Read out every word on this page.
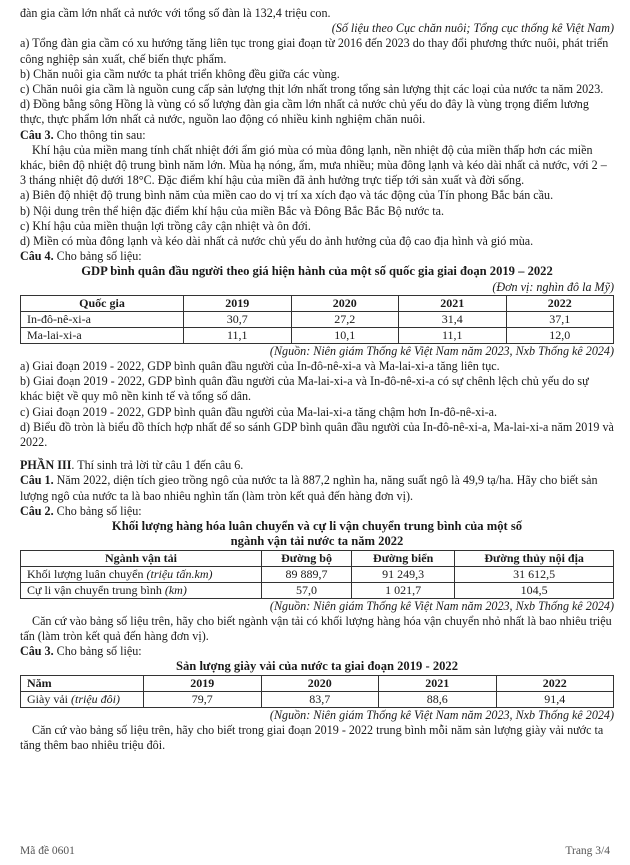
đàn gia cầm lớn nhất cả nước với tổng số đàn là 132,4 triệu con.

(Số liệu theo Cục chăn nuôi; Tổng cục thống kê Việt Nam)

a) Tổng đàn gia cầm có xu hướng tăng liên tục trong giai đoạn từ 2016 đến 2023 do thay đổi phương thức nuôi, phát triển công nghiệp sản xuất, chế biến thực phẩm.

b) Chăn nuôi gia cầm nước ta phát triển không đều giữa các vùng.

c) Chăn nuôi gia cầm là nguồn cung cấp sản lượng thịt lớn nhất trong tổng sản lượng thịt các loại của nước ta năm 2023.

d) Đồng bằng sông Hồng là vùng có số lượng đàn gia cầm lớn nhất cả nước chủ yếu do đây là vùng trọng điểm lương thực, thực phẩm lớn nhất cả nước, nguồn lao động có nhiều kinh nghiệm chăn nuôi.

Câu 3. Cho thông tin sau:

Khí hậu của miền mang tính chất nhiệt đới ẩm gió mùa có mùa đông lạnh, nền nhiệt độ của miền thấp hơn các miền khác, biên độ nhiệt độ trung bình năm lớn. Mùa hạ nóng, ẩm, mưa nhiều; mùa đông lạnh và kéo dài nhất cả nước, với 2 – 3 tháng nhiệt độ dưới 18°C. Đặc điểm khí hậu của miền đã ảnh hưởng trực tiếp tới sản xuất và đời sống.

a) Biên độ nhiệt độ trung bình năm của miền cao do vị trí xa xích đạo và tác động của Tín phong Bắc bán cầu.

b) Nội dung trên thể hiện đặc điểm khí hậu của miền Bắc và Đông Bắc Bắc Bộ nước ta.

c) Khí hậu của miền thuận lợi trồng cây cận nhiệt và ôn đới.

d) Miền có mùa đông lạnh và kéo dài nhất cả nước chủ yếu do ảnh hưởng của độ cao địa hình và gió mùa.

Câu 4. Cho bảng số liệu:

GDP bình quân đầu người theo giá hiện hành của một số quốc gia giai đoạn 2019 – 2022

(Đơn vị: nghìn đô la Mỹ)

Quốc gia	2019	2020	2021	2022
In-đô-nê-xi-a	30,7	27,2	31,4	37,1
Ma-lai-xi-a	11,1	10,1	11,1	12,0

(Nguồn: Niên giám Thống kê Việt Nam năm 2023, Nxb Thống kê 2024)

a) Giai đoạn 2019 - 2022, GDP bình quân đầu người của In-đô-nê-xi-a và Ma-lai-xi-a tăng liên tục.

b) Giai đoạn 2019 - 2022, GDP bình quân đầu người của Ma-lai-xi-a và In-đô-nê-xi-a có sự chênh lệch chủ yếu do sự khác biệt về quy mô nền kinh tế và tổng số dân.

c) Giai đoạn 2019 - 2022, GDP bình quân đầu người của Ma-lai-xi-a tăng chậm hơn In-đô-nê-xi-a.

d) Biểu đồ tròn là biểu đồ thích hợp nhất để so sánh GDP bình quân đầu người của In-đô-nê-xi-a, Ma-lai-xi-a năm 2019 và 2022.

PHẦN III. Thí sinh trả lời từ câu 1 đến câu 6.

Câu 1. Năm 2022, diện tích gieo trồng ngô của nước ta là 887,2 nghìn ha, năng suất ngô là 49,9 tạ/ha. Hãy cho biết sản lượng ngô của nước ta là bao nhiêu nghìn tấn (làm tròn kết quả đến hàng đơn vị).

Câu 2. Cho bảng số liệu:

Khối lượng hàng hóa luân chuyển và cự li vận chuyển trung bình của một số

ngành vận tải nước ta năm 2022

Ngành vận tải	Đường bộ	Đường biển	Đường thủy nội địa
Khối lượng luân chuyển (triệu tấn.km)	89 889,7	91 249,3	31 612,5
Cự li vận chuyển trung bình (km)	57,0	1 021,7	104,5

(Nguồn: Niên giám Thống kê Việt Nam năm 2023, Nxb Thống kê 2024)

Căn cứ vào bảng số liệu trên, hãy cho biết ngành vận tải có khối lượng hàng hóa vận chuyển nhỏ nhất là bao nhiêu triệu tấn (làm tròn kết quả đến hàng đơn vị).

Câu 3. Cho bảng số liệu:

Sản lượng giày vải của nước ta giai đoạn 2019 - 2022

Năm	2019	2020	2021	2022
Giày vải (triệu đôi)	79,7	83,7	88,6	91,4

(Nguồn: Niên giám Thống kê Việt Nam năm 2023, Nxb Thống kê 2024)

Căn cứ vào bảng số liệu trên, hãy cho biết trong giai đoạn 2019 - 2022 trung bình mỗi năm sản lượng giày vải nước ta tăng thêm bao nhiêu triệu đôi.

Mã đề 0601	Trang 3/4
